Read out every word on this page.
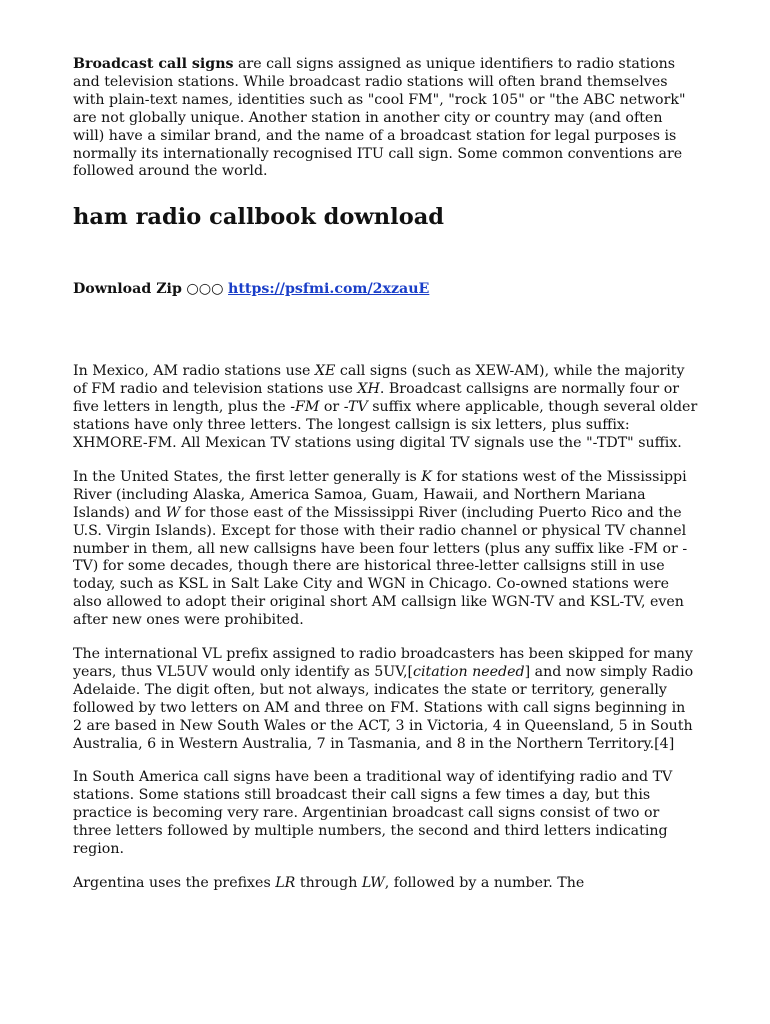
Broadcast call signs are call signs assigned as unique identifiers to radio stations and television stations. While broadcast radio stations will often brand themselves with plain-text names, identities such as "cool FM", "rock 105" or "the ABC network" are not globally unique. Another station in another city or country may (and often will) have a similar brand, and the name of a broadcast station for legal purposes is normally its internationally recognised ITU call sign. Some common conventions are followed around the world.

ham radio callbook download
Download Zip ○○○ https://psfmi.com/2xzauE

In Mexico, AM radio stations use XE call signs (such as XEW-AM), while the majority of FM radio and television stations use XH. Broadcast callsigns are normally four or five letters in length, plus the -FM or -TV suffix where applicable, though several older stations have only three letters. The longest callsign is six letters, plus suffix: XHMORE-FM. All Mexican TV stations using digital TV signals use the "-TDT" suffix.

In the United States, the first letter generally is K for stations west of the Mississippi River (including Alaska, America Samoa, Guam, Hawaii, and Northern Mariana Islands) and W for those east of the Mississippi River (including Puerto Rico and the U.S. Virgin Islands). Except for those with their radio channel or physical TV channel number in them, all new callsigns have been four letters (plus any suffix like -FM or -TV) for some decades, though there are historical three-letter callsigns still in use today, such as KSL in Salt Lake City and WGN in Chicago. Co-owned stations were also allowed to adopt their original short AM callsign like WGN-TV and KSL-TV, even after new ones were prohibited.

The international VL prefix assigned to radio broadcasters has been skipped for many years, thus VL5UV would only identify as 5UV,[citation needed] and now simply Radio Adelaide. The digit often, but not always, indicates the state or territory, generally followed by two letters on AM and three on FM. Stations with call signs beginning in 2 are based in New South Wales or the ACT, 3 in Victoria, 4 in Queensland, 5 in South Australia, 6 in Western Australia, 7 in Tasmania, and 8 in the Northern Territory.[4]

In South America call signs have been a traditional way of identifying radio and TV stations. Some stations still broadcast their call signs a few times a day, but this practice is becoming very rare. Argentinian broadcast call signs consist of two or three letters followed by multiple numbers, the second and third letters indicating region.

Argentina uses the prefixes LR through LW, followed by a number. The
